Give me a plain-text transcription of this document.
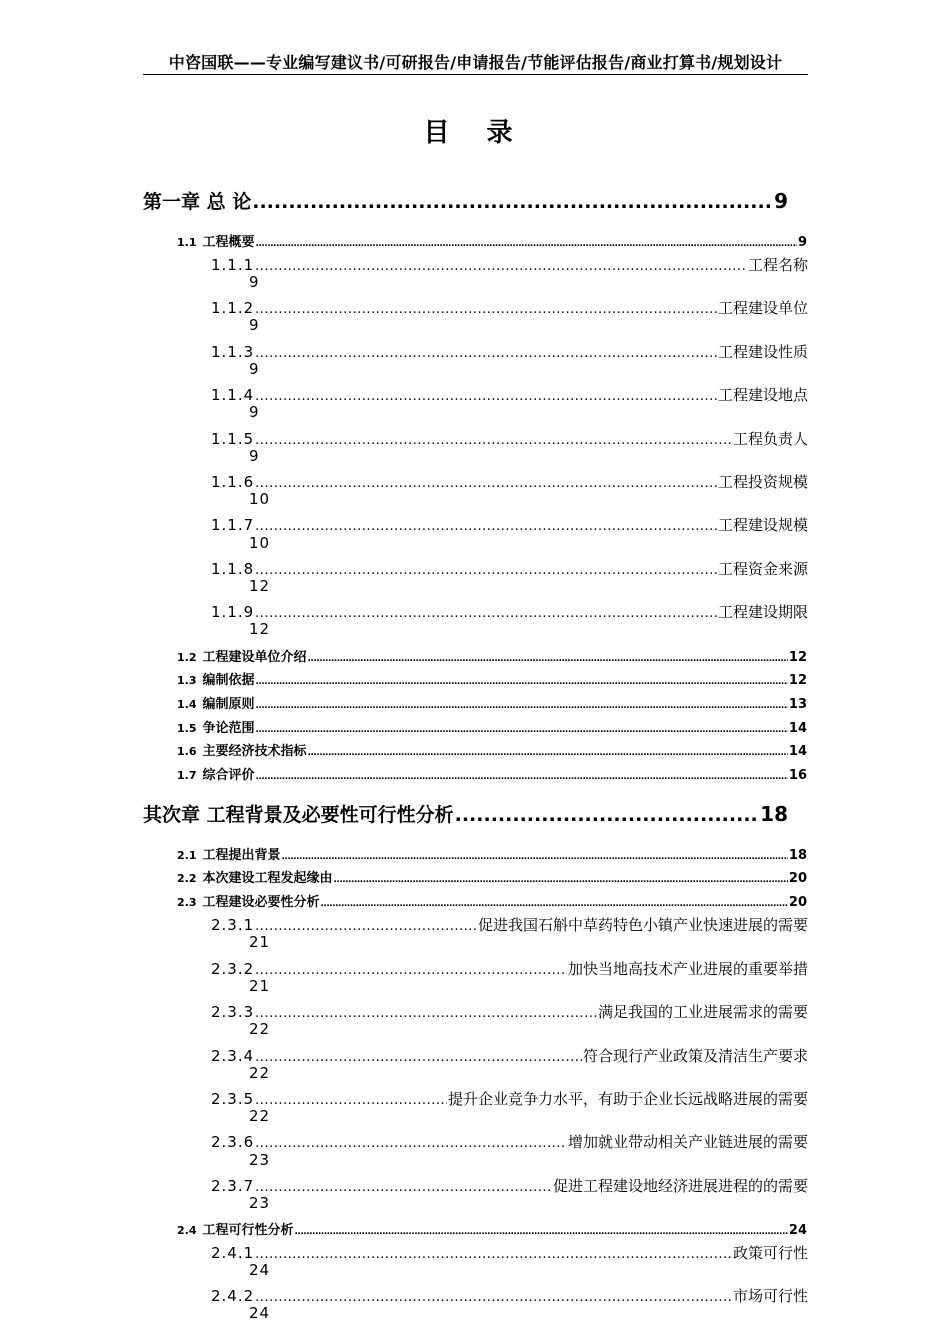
中咨国联——专业编写建议书/可研报告/申请报告/节能评估报告/商业打算书/规划设计
目 录
第一章 总 论 .....	9
1.1 工程概要 .....	9
1.1.1 .....	工程名称
9
1.1.2 .....	工程建设单位
9
1.1.3 .....	工程建设性质
9
1.1.4 .....	工程建设地点
9
1.1.5 .....	工程负责人
9
1.1.6 .....	工程投资规模
10
1.1.7 .....	工程建设规模
10
1.1.8 .....	工程资金来源
12
1.1.9 .....	工程建设期限
12
1.2 工程建设单位介绍 .....	12
1.3 编制依据 .....	12
1.4 编制原则 .....	13
1.5 争论范围 .....	14
1.6 主要经济技术指标 .....	14
1.7 综合评价 .....	16
其次章 工程背景及必要性可行性分析 .....	18
2.1 工程提出背景 .....	18
2.2 本次建设工程发起缘由 .....	20
2.3 工程建设必要性分析 .....	20
2.3.1 .....	促进我国石斛中草药特色小镇产业快速进展的需要
21
2.3.2 .....	加快当地高技术产业进展的重要举措
21
2.3.3 .....	满足我国的工业进展需求的需要
22
2.3.4 .....	符合现行产业政策及清洁生产要求
22
2.3.5 .....	提升企业竞争力水平，有助于企业长远战略进展的需要
22
2.3.6 .....	增加就业带动相关产业链进展的需要
23
2.3.7 .....	促进工程建设地经济进展进程的的需要
23
2.4 工程可行性分析 .....	24
2.4.1 .....	政策可行性
24
2.4.2 .....	市场可行性
24
